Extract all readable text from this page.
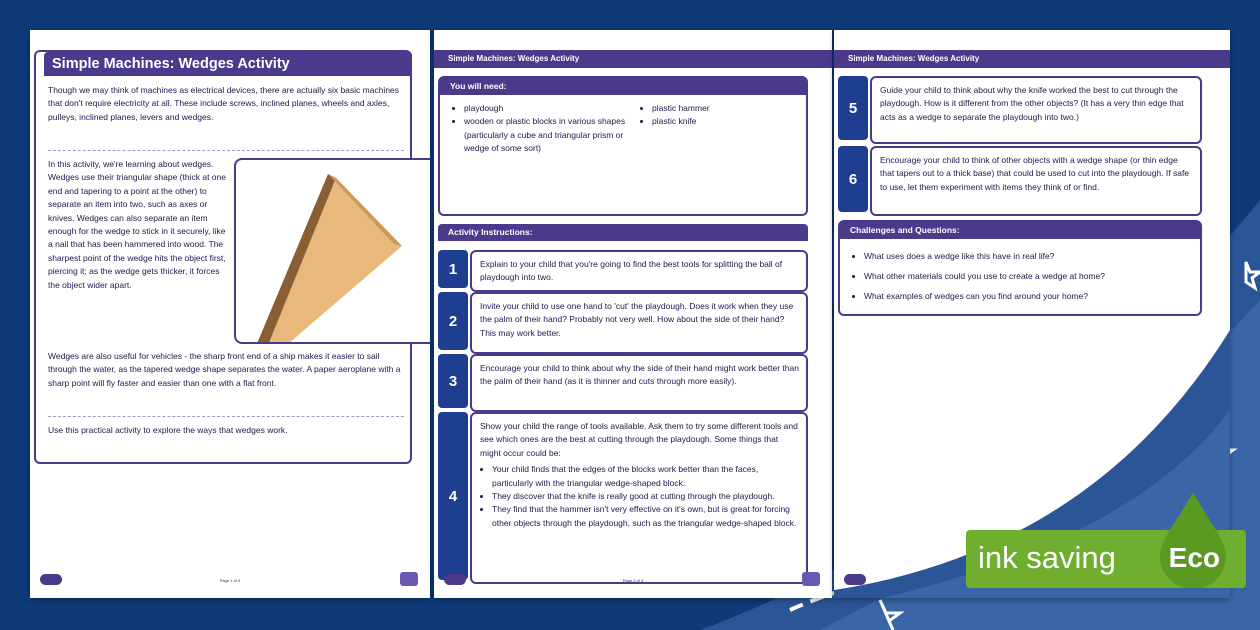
Simple Machines: Wedges Activity
Though we may think of machines as electrical devices, there are actually six basic machines that don't require electricity at all. These include screws, inclined planes, wheels and axles, pulleys, inclined planes, levers and wedges.
In this activity, we're learning about wedges. Wedges use their triangular shape (thick at one end and tapering to a point at the other) to separate an item into two, such as axes or knives. Wedges can also separate an item enough for the wedge to stick in it securely, like a nail that has been hammered into wood. The sharpest point of the wedge hits the object first, piercing it; as the wedge gets thicker, it forces the object wider apart.
Wedges are also useful for vehicles - the sharp front end of a ship makes it easier to sail through the water, as the tapered wedge shape separates the water. A paper aeroplane with a sharp point will fly faster and easier than one with a flat front.
Use this practical activity to explore the ways that wedges work.
Page 1 of 3
Simple Machines: Wedges Activity
You will need:
• playdough
• wooden or plastic blocks in various shapes (particularly a cube and triangular prism or wedge of some sort)
• plastic hammer
• plastic knife
Activity Instructions:
1	Explain to your child that you're going to find the best tools for splitting the ball of playdough into two.
2
Invite your child to use one hand to 'cut' the playdough. Does it work when they use the palm of their hand? Probably not very well. How about the side of their hand? This may work better.
3
Encourage your child to think about why the side of their hand might work better than the palm of their hand (as it is thinner and cuts through more easily).
4
Show your child the range of tools available. Ask them to try some different tools and see which ones are the best at cutting through the playdough. Some things that might occur could be:
• Your child finds that the edges of the blocks work better than the faces, particularly with the triangular wedge-shaped block.
• They discover that the knife is really good at cutting through the playdough.
• They find that the hammer isn't very effective on it's own, but is great for forcing other objects through the playdough, such as the triangular wedge-shaped block.
Page 2 of 3
Simple Machines: Wedges Activity
5
Guide your child to think about why the knife worked the best to cut through the playdough. How is it different from the other objects? (It has a very thin edge that acts as a wedge to separate the playdough into two.)
6
Encourage your child to think of other objects with a wedge shape (or thin edge that tapers out to a thick base) that could be used to cut into the playdough. If safe to use, let them experiment with items they think of or find.
Challenges and Questions:
• What uses does a wedge like this have in real life?
• What other materials could you use to create a wedge at home?
• What examples of wedges can you find around your home?
ink saving Eco
